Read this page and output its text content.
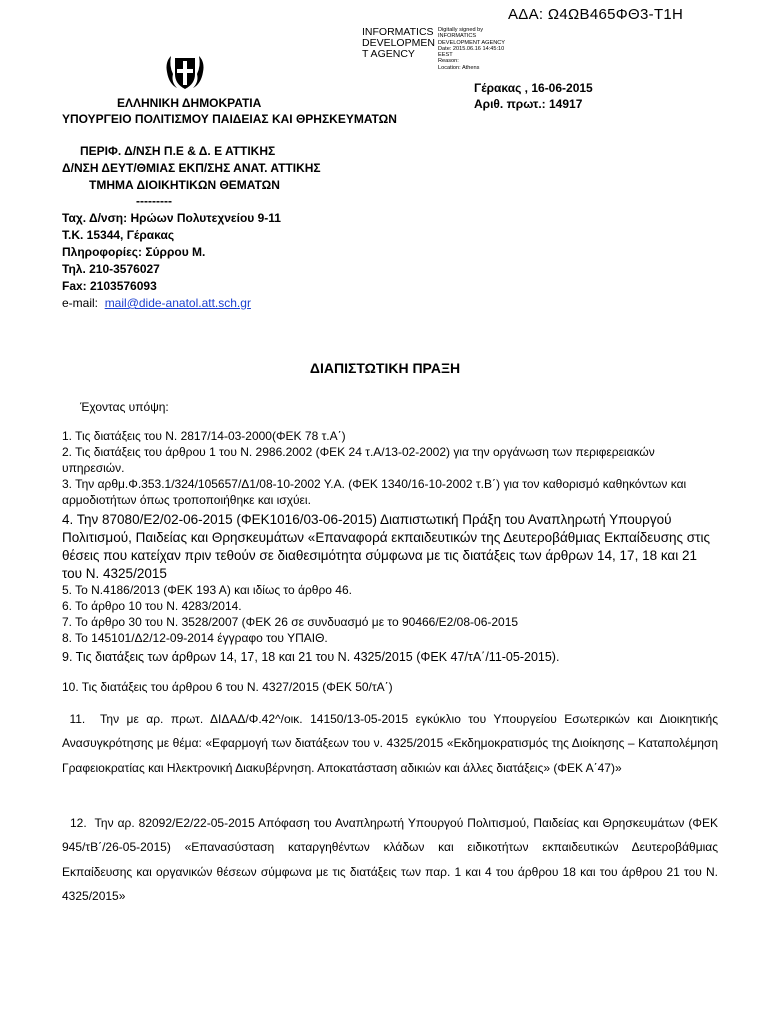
ΑΔΑ: Ω4ΩΒ465ΦΘ3-Τ1Η
INFORMATICS DEVELOPMEN T AGENCY
Digitally signed by
INFORMATICS
DEVELOPMENT AGENCY
Date: 2015.06.16 14:45:10
EEST
Reason:
Location: Athens
ΕΛΛΗΝΙΚΗ ΔΗΜΟΚΡΑΤΙΑ
ΥΠΟΥΡΓΕΙΟ ΠΟΛΙΤΙΣΜΟΥ ΠΑΙΔΕΙΑΣ ΚΑΙ ΘΡΗΣΚΕΥΜΑΤΩΝ
ΠΕΡΙΦ. Δ/ΝΣΗ Π.Ε & Δ. Ε ΑΤΤΙΚΗΣ
Δ/ΝΣΗ ΔΕΥΤ/ΘΜΙΑΣ ΕΚΠ/ΣΗΣ ΑΝΑΤ. ΑΤΤΙΚΗΣ
ΤΜΗΜΑ ΔΙΟΙΚΗΤΙΚΩΝ ΘΕΜΑΤΩΝ
---------
Γέρακας , 16-06-2015
Αριθ. πρωτ.: 14917
Ταχ. Δ/νση: Ηρώων Πολυτεχνείου 9-11
Τ.Κ. 15344, Γέρακας
Πληροφορίες: Σύρρου Μ.
Τηλ. 210-3576027
Fax: 2103576093
e-mail:  mail@dide-anatol.att.sch.gr
ΔΙΑΠΙΣΤΩΤΙΚΗ ΠΡΑΞΗ
Έχοντας υπόψη:

1. Τις διατάξεις του Ν. 2817/14-03-2000(ΦΕΚ 78 τ.Α΄)

2. Τις διατάξεις του άρθρου 1 του Ν. 2986.2002 (ΦΕΚ 24 τ.Α/13-02-2002) για την οργάνωση των περιφερειακών υπηρεσιών.

3. Την αρθμ.Φ.353.1/324/105657/Δ1/08-10-2002 Υ.Α. (ΦΕΚ 1340/16-10-2002 τ.Β΄) για τον καθορισμό καθηκόντων και αρμοδιοτήτων όπως τροποποιήθηκε και ισχύει.

4. Την 87080/Ε2/02-06-2015 (ΦΕΚ1016/03-06-2015) Διαπιστωτική Πράξη του Αναπληρωτή Υπουργού Πολιτισμού, Παιδείας και Θρησκευμάτων «Επαναφορά εκπαιδευτικών της Δευτεροβάθμιας Εκπαίδευσης στις θέσεις που κατείχαν πριν τεθούν σε διαθεσιμότητα σύμφωνα με τις διατάξεις των άρθρων 14, 17, 18 και 21 του Ν. 4325/2015

5. Το Ν.4186/2013 (ΦΕΚ 193 Α) και ιδίως το άρθρο 46.

6. Το άρθρο 10 του Ν. 4283/2014.

7. Το άρθρο 30 του Ν. 3528/2007 (ΦΕΚ 26 σε συνδυασμό με το 90466/Ε2/08-06-2015

8. Το 145101/Δ2/12-09-2014 έγγραφο του ΥΠΑΙΘ.

9. Τις διατάξεις των άρθρων 14, 17, 18 και 21 του Ν. 4325/2015 (ΦΕΚ 47/τΑ΄/11-05-2015).

10. Τις διατάξεις του άρθρου 6 του Ν. 4327/2015 (ΦΕΚ 50/τΑ΄)

11.  Την με αρ. πρωτ. ΔΙΔΑΔ/Φ.42^/οικ. 14150/13-05-2015 εγκύκλιο του Υπουργείου Εσωτερικών και Διοικητικής Ανασυγκρότησης με θέμα: «Εφαρμογή των διατάξεων του ν. 4325/2015 «Εκδημοκρατισμός της Διοίκησης – Καταπολέμηση Γραφειοκρατίας και Ηλεκτρονική Διακυβέρνηση. Αποκατάσταση αδικιών και άλλες διατάξεις» (ΦΕΚ Α΄47)»

12.  Την αρ. 82092/Ε2/22-05-2015 Απόφαση του Αναπληρωτή Υπουργού Πολιτισμού, Παιδείας και Θρησκευμάτων (ΦΕΚ 945/τΒ΄/26-05-2015) «Επανασύσταση καταργηθέντων κλάδων και ειδικοτήτων εκπαιδευτικών Δευτεροβάθμιας Εκπαίδευσης και οργανικών θέσεων σύμφωνα με τις διατάξεις των παρ. 1 και 4 του άρθρου 18 και του άρθρου 21 του Ν. 4325/2015»
